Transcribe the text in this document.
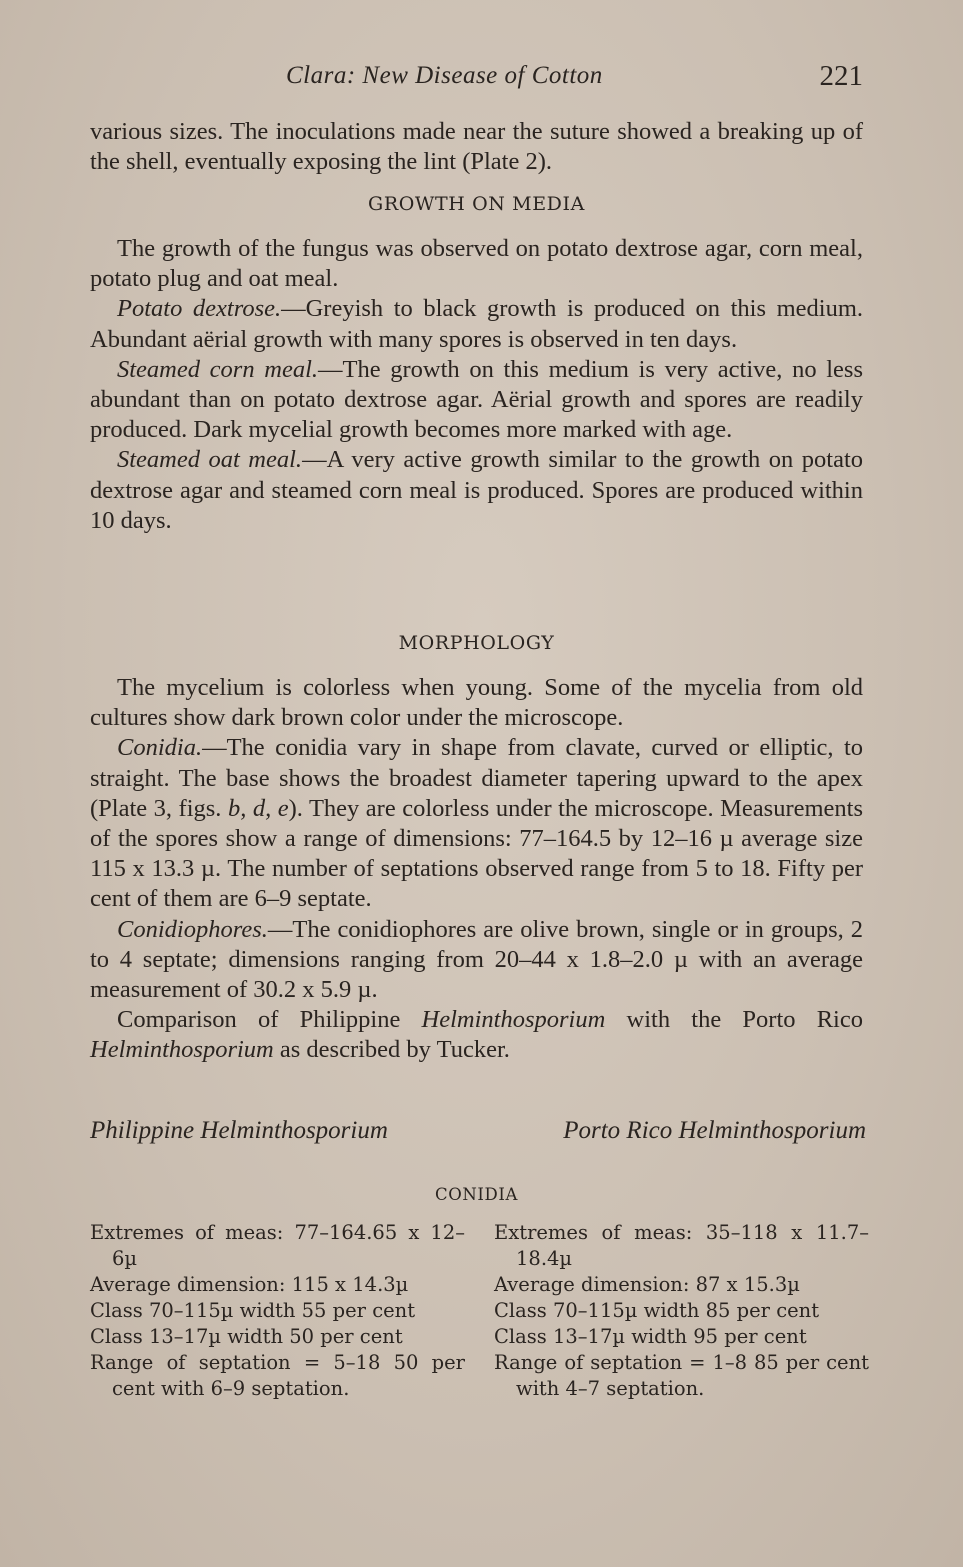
Clara: New Disease of Cotton	221

various sizes. The inoculations made near the suture showed a breaking up of the shell, eventually exposing the lint (Plate 2).

GROWTH ON MEDIA

The growth of the fungus was observed on potato dextrose agar, corn meal, potato plug and oat meal.

Potato dextrose.—Greyish to black growth is produced on this medium. Abundant aërial growth with many spores is observed in ten days.

Steamed corn meal.—The growth on this medium is very active, no less abundant than on potato dextrose agar. Aërial growth and spores are readily produced. Dark mycelial growth becomes more marked with age.

Steamed oat meal.—A very active growth similar to the growth on potato dextrose agar and steamed corn meal is produced. Spores are produced within 10 days.

MORPHOLOGY

The mycelium is colorless when young. Some of the mycelia from old cultures show dark brown color under the microscope.

Conidia.—The conidia vary in shape from clavate, curved or elliptic, to straight. The base shows the broadest diameter tapering upward to the apex (Plate 3, figs. b, d, e). They are colorless under the microscope. Measurements of the spores show a range of dimensions: 77–164.5 by 12–16 µ average size 115 x 13.3 µ. The number of septations observed range from 5 to 18. Fifty per cent of them are 6–9 septate.

Conidiophores.—The conidiophores are olive brown, single or in groups, 2 to 4 septate; dimensions ranging from 20–44 x 1.8–2.0 µ with an average measurement of 30.2 x 5.9 µ.

Comparison of Philippine Helminthosporium with the Porto Rico Helminthosporium as described by Tucker.

Philippine Helminthosporium	Porto Rico Helminthosporium
CONIDIA
Extremes of meas: 77–164.65 x 12–6µ
Average dimension: 115 x 14.3µ
Class 70–115µ width 55 per cent
Class 13–17µ width 50 per cent
Range of septation = 5–18 50 per cent with 6–9 septation.
Extremes of meas: 35–118 x 11.7–18.4µ
Average dimension: 87 x 15.3µ
Class 70–115µ width 85 per cent
Class 13–17µ width 95 per cent
Range of septation = 1–8 85 per cent with 4–7 septation.
